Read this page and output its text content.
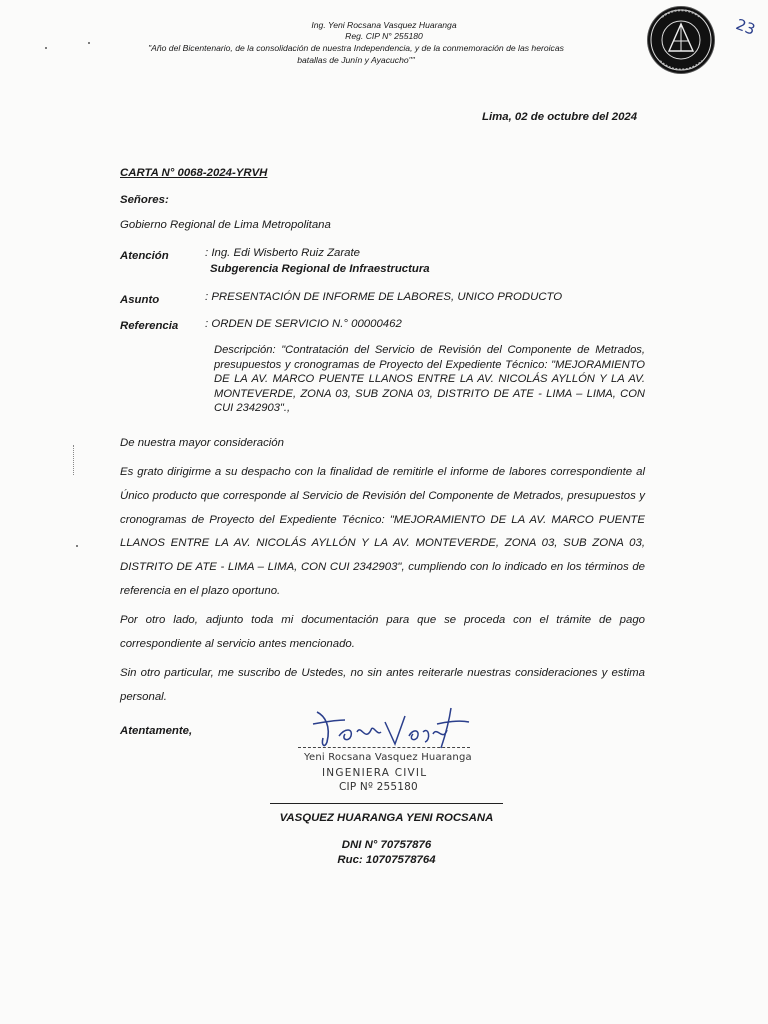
Ing. Yeni Rocsana Vasquez Huaranga
Reg. CIP N° 255180
"Año del Bicentenario, de la consolidación de nuestra Independencia, y de la conmemoración de las heroicas
batallas de Junín y Ayacucho""
23
Lima, 02 de octubre del 2024
CARTA N° 0068-2024-YRVH
Señores:
Gobierno Regional de Lima Metropolitana
Atención	: Ing. Edi Wisberto Ruiz Zarate
Subgerencia Regional de Infraestructura
Asunto	: PRESENTACIÓN DE INFORME DE LABORES, UNICO PRODUCTO
Referencia : ORDEN DE SERVICIO N.° 00000462
Descripción: "Contratación del Servicio de Revisión del Componente de Metrados, presupuestos y cronogramas de Proyecto del Expediente Técnico: "MEJORAMIENTO DE LA AV. MARCO PUENTE LLANOS ENTRE LA AV. NICOLÁS AYLLÓN Y LA AV. MONTEVERDE, ZONA 03, SUB ZONA 03, DISTRITO DE ATE - LIMA – LIMA, CON CUI 2342903".,
De nuestra mayor consideración
Es grato dirigirme a su despacho con la finalidad de remitirle el informe de labores correspondiente al Único producto que corresponde al Servicio de Revisión del Componente de Metrados, presupuestos y cronogramas de Proyecto del Expediente Técnico: "MEJORAMIENTO DE LA AV. MARCO PUENTE LLANOS ENTRE LA AV. NICOLÁS AYLLÓN Y LA AV. MONTEVERDE, ZONA 03, SUB ZONA 03, DISTRITO DE ATE - LIMA – LIMA, CON CUI 2342903", cumpliendo con lo indicado en los términos de referencia en el plazo oportuno.
Por otro lado, adjunto toda mi documentación para que se proceda con el trámite de pago correspondiente al servicio antes mencionado.
Sin otro particular, me suscribo de Ustedes, no sin antes reiterarle nuestras consideraciones y estima personal.
Atentamente,
Yeni Rocsana Vasquez Huaranga
INGENIERA CIVIL
CIP Nº 255180
VASQUEZ HUARANGA YENI ROCSANA
DNI N° 70757876
Ruc: 10707578764
